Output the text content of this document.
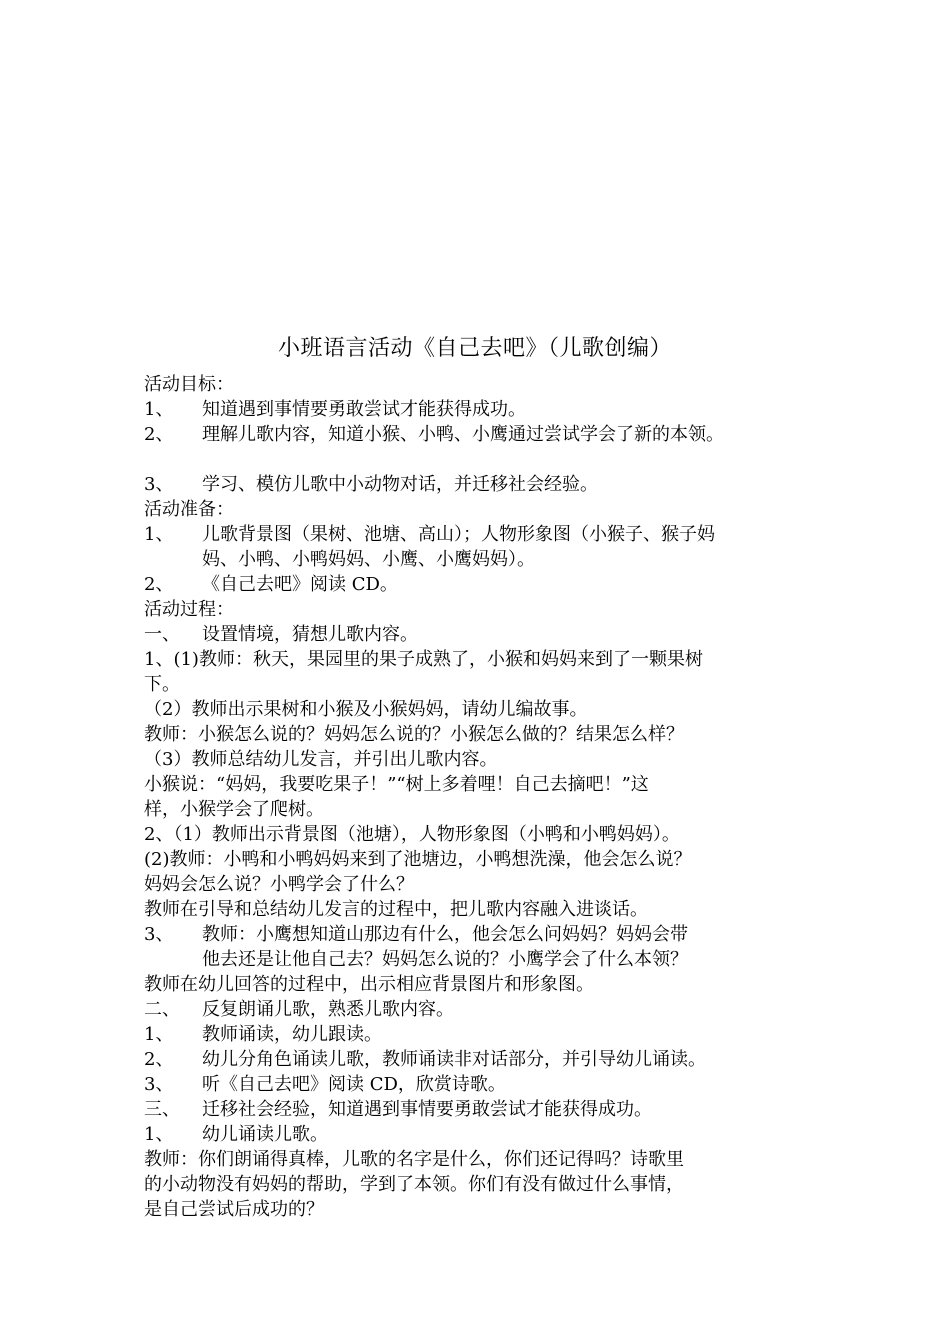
小班语言活动《自己去吧》（儿歌创编）
活动目标：
1、	知道遇到事情要勇敢尝试才能获得成功。
2、	理解儿歌内容，知道小猴、小鸭、小鹰通过尝试学会了新的本领。
3、	学习、模仿儿歌中小动物对话，并迁移社会经验。
活动准备：
1、	儿歌背景图（果树、池塘、高山）；人物形象图（小猴子、猴子妈
妈、小鸭、小鸭妈妈、小鹰、小鹰妈妈）。
2、	《自己去吧》阅读 CD。
活动过程：
一、	设置情境，猜想儿歌内容。
1、(1)教师：秋天，果园里的果子成熟了，小猴和妈妈来到了一颗果树
下。
（2）教师出示果树和小猴及小猴妈妈，请幼儿编故事。
教师：小猴怎么说的？妈妈怎么说的？小猴怎么做的？结果怎么样？
（3）教师总结幼儿发言，并引出儿歌内容。
小猴说：“妈妈，我要吃果子！”“树上多着哩！自己去摘吧！”这
样，小猴学会了爬树。
2、（1）教师出示背景图（池塘），人物形象图（小鸭和小鸭妈妈）。
(2)教师：小鸭和小鸭妈妈来到了池塘边，小鸭想洗澡，他会怎么说？
妈妈会怎么说？小鸭学会了什么？
教师在引导和总结幼儿发言的过程中，把儿歌内容融入进谈话。
3、	教师：小鹰想知道山那边有什么，他会怎么问妈妈？妈妈会带
他去还是让他自己去？妈妈怎么说的？小鹰学会了什么本领？
教师在幼儿回答的过程中，出示相应背景图片和形象图。
二、	反复朗诵儿歌，熟悉儿歌内容。
1、	教师诵读，幼儿跟读。
2、	幼儿分角色诵读儿歌，教师诵读非对话部分，并引导幼儿诵读。
3、	听《自己去吧》阅读 CD，欣赏诗歌。
三、	迁移社会经验，知道遇到事情要勇敢尝试才能获得成功。
1、	幼儿诵读儿歌。
教师：你们朗诵得真棒，儿歌的名字是什么，你们还记得吗？诗歌里
的小动物没有妈妈的帮助，学到了本领。你们有没有做过什么事情，
是自己尝试后成功的？
